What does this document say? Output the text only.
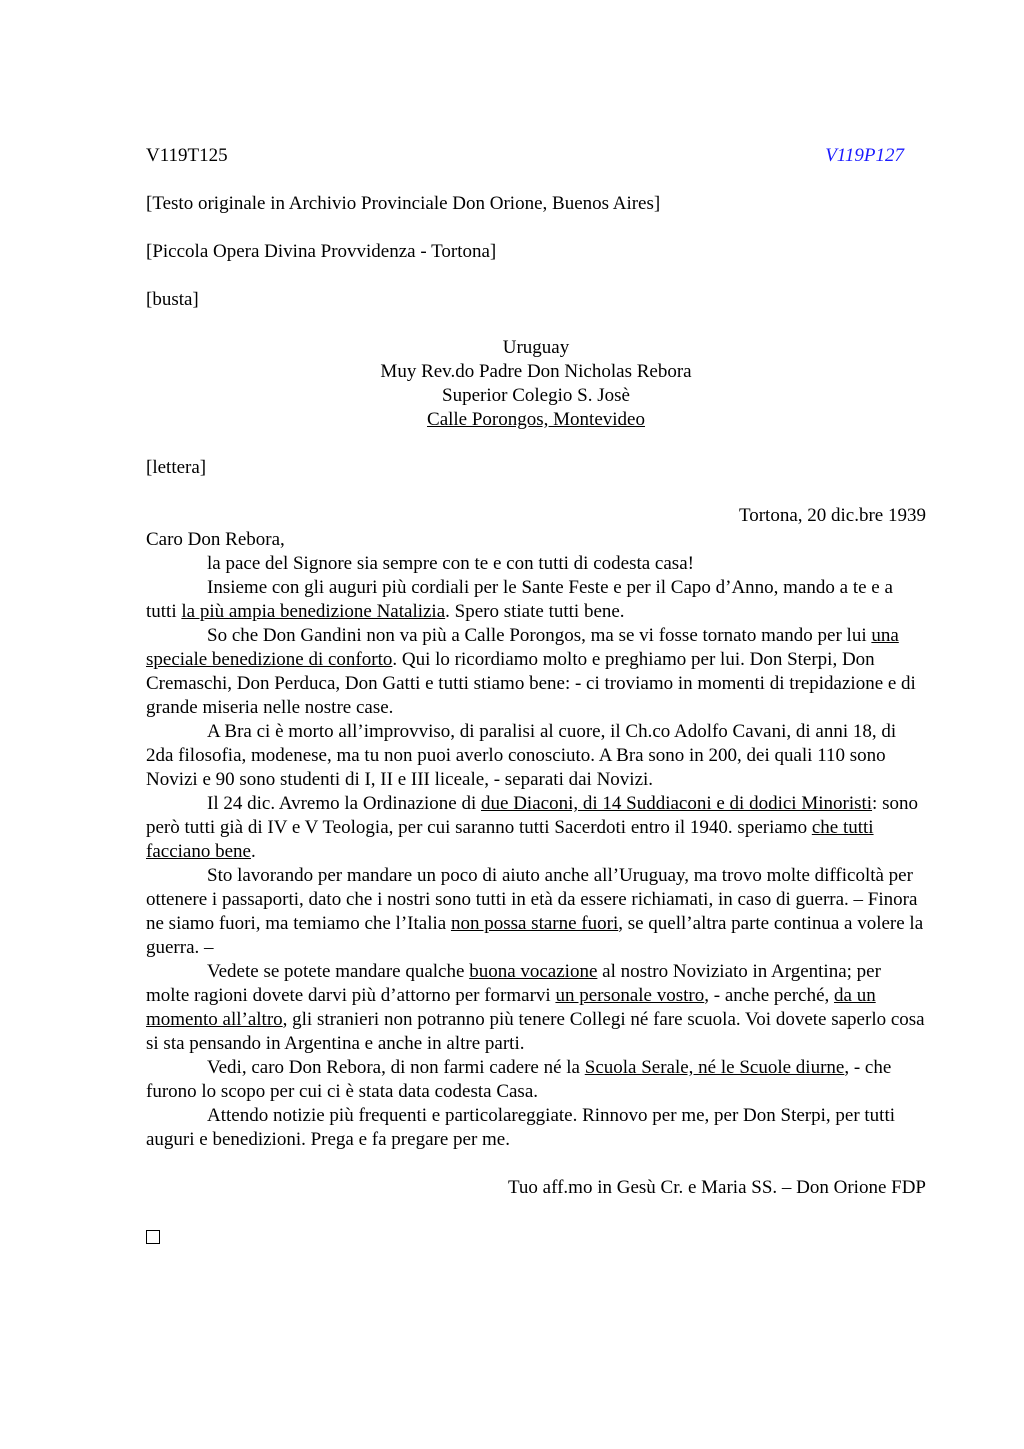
V119T125	V119P127
[Testo originale in Archivio Provinciale Don Orione, Buenos Aires]
[Piccola Opera Divina Provvidenza - Tortona]
[busta]
Uruguay
Muy Rev.do Padre Don Nicholas Rebora
Superior Colegio S. Josè
Calle Porongos, Montevideo
[lettera]
Tortona, 20 dic.bre 1939

Caro Don Rebora,

la pace del Signore sia sempre con te e con tutti di codesta casa!

Insieme con gli auguri più cordiali per le Sante Feste e per il Capo d’Anno, mando a te e a tutti la più ampia benedizione Natalizia. Spero stiate tutti bene.

So che Don Gandini non va più a Calle Porongos, ma se vi fosse tornato mando per lui una speciale benedizione di conforto. Qui lo ricordiamo molto e preghiamo per lui. Don Sterpi, Don Cremaschi, Don Perduca, Don Gatti e tutti stiamo bene: - ci troviamo in momenti di trepidazione e di grande miseria nelle nostre case.

A Bra ci è morto all’improvviso, di paralisi al cuore, il Ch.co Adolfo Cavani, di anni 18, di 2da filosofia, modenese, ma tu non puoi averlo conosciuto. A Bra sono in 200, dei quali 110 sono Novizi e 90 sono studenti di I, II e III liceale, - separati dai Novizi.

Il 24 dic. Avremo la Ordinazione di due Diaconi, di 14 Suddiaconi e di dodici Minoristi: sono però tutti già di IV e V Teologia, per cui saranno tutti Sacerdoti entro il 1940. speriamo che tutti facciano bene.

Sto lavorando per mandare un poco di aiuto anche all’Uruguay, ma trovo molte difficoltà per ottenere i passaporti, dato che i nostri sono tutti in età da essere richiamati, in caso di guerra. – Finora ne siamo fuori, ma temiamo che l’Italia non possa starne fuori, se quell’altra parte continua a volere la guerra. –

Vedete se potete mandare qualche buona vocazione al nostro Noviziato in Argentina; per molte ragioni dovete darvi più d’attorno per formarvi un personale vostro, - anche perché, da un momento all’altro, gli stranieri non potranno più tenere Collegi né fare scuola. Voi dovete saperlo cosa si sta pensando in Argentina e anche in altre parti.

Vedi, caro Don Rebora, di non farmi cadere né la Scuola Serale, né le Scuole diurne, - che furono lo scopo per cui ci è stata data codesta Casa.

Attendo notizie più frequenti e particolareggiate. Rinnovo per me, per Don Sterpi, per tutti auguri e benedizioni. Prega e fa pregare per me.

Tuo aff.mo in Gesù Cr. e Maria SS. – Don Orione FDP
